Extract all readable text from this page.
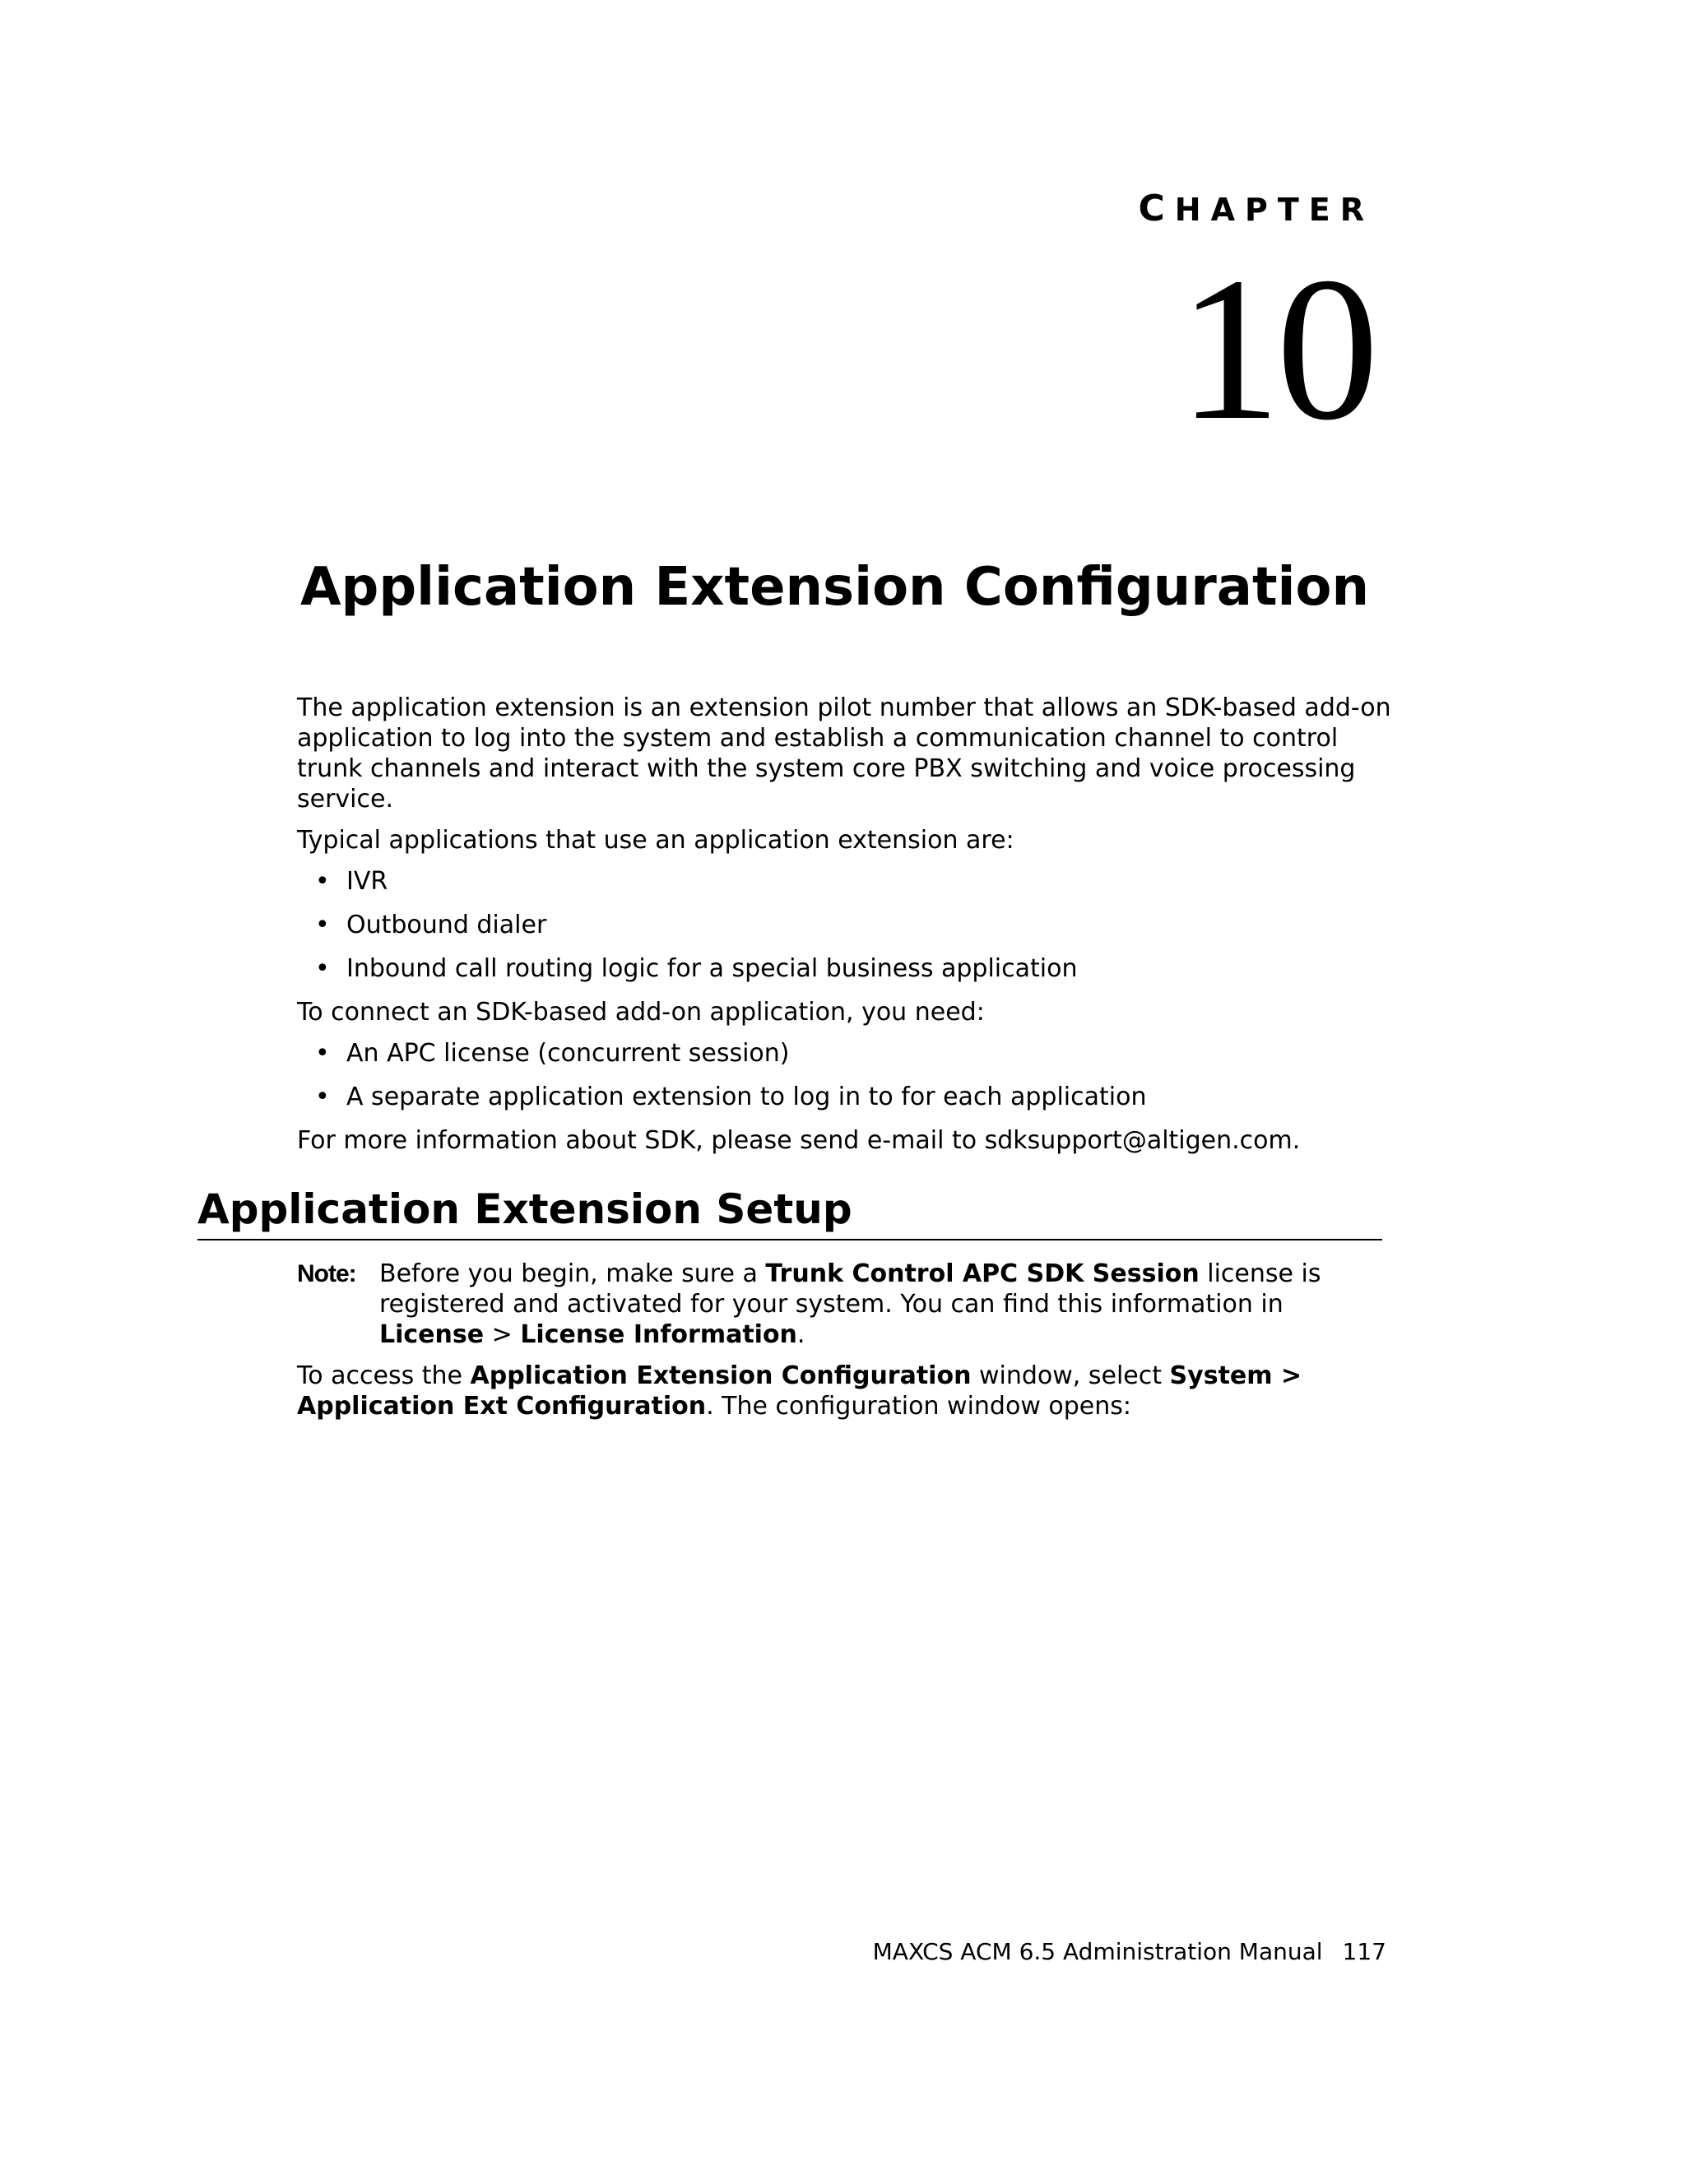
CHAPTER
10
Application Extension Configuration

The application extension is an extension pilot number that allows an SDK-based add-on application to log into the system and establish a communication channel to control trunk channels and interact with the system core PBX switching and voice processing service.

Typical applications that use an application extension are:

• IVR
• Outbound dialer
• Inbound call routing logic for a special business application

To connect an SDK-based add-on application, you need:

• An APC license (concurrent session)
• A separate application extension to log in to for each application

For more information about SDK, please send e-mail to sdksupport@altigen.com.

Application Extension Setup
Note: Before you begin, make sure a Trunk Control APC SDK Session license is registered and activated for your system. You can find this information in License > License Information.

To access the Application Extension Configuration window, select System > Application Ext Configuration. The configuration window opens:

MAXCS ACM 6.5 Administration Manual 117
